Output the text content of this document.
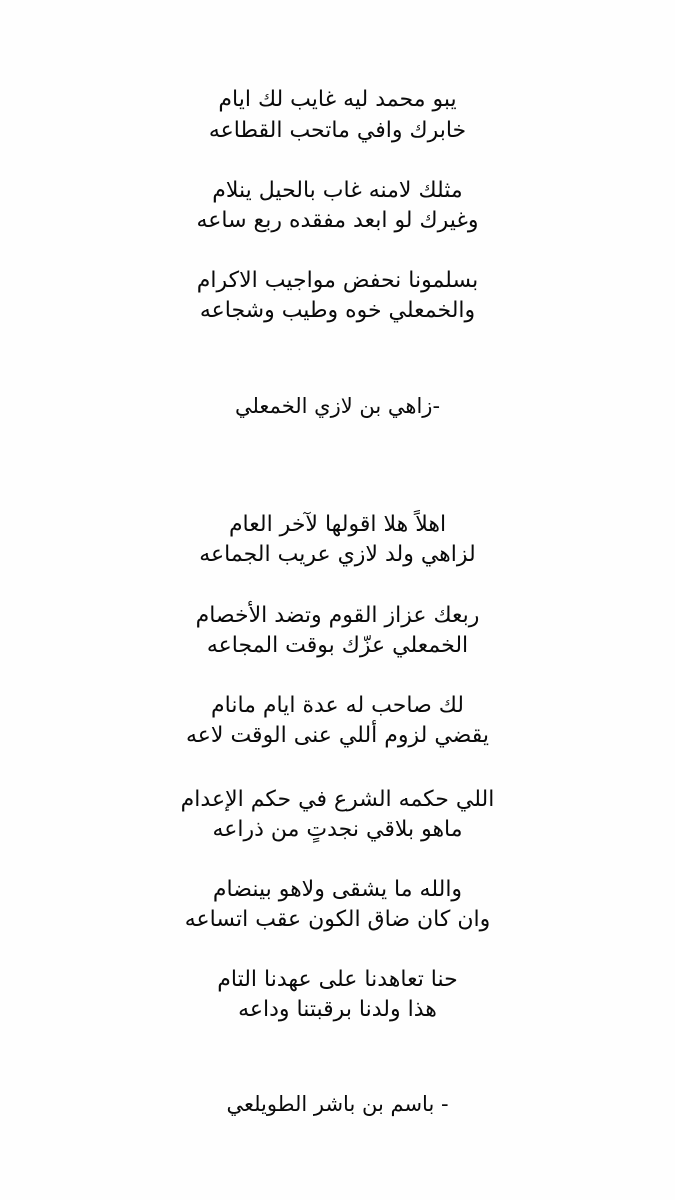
يبو محمد ليه غايب لك ايام

خابرك وافي ماتحب القطاعه

مثلك لامنه غاب بالحيل ينلام

وغيرك لو ابعد مفقده ربع ساعه

بسلمونا نحفض مواجيب الاكرام

والخمعلي خوه وطيب وشجاعه

-زاهي بن لازي الخمعلي

اهلاً هلا اقولها لآخر العام

لزاهي ولد لازي عريب الجماعه

ربعك عزاز القوم وتضد الأخصام

الخمعلي عزّك بوقت المجاعه

لك صاحب له عدة ايام مانام

يقضي لزوم أللي عنى الوقت لاعه

اللي حكمه الشرع في حكم الإعدام

ماهو بلاقي نجدتٍ من ذراعه

والله ما يشقى ولاهو بينضام

وان كان ضاق الكون عقب اتساعه

حنا تعاهدنا على عهدنا التام

هذا ولدنا برقبتنا وداعه

- باسم بن باشر الطويلعي
